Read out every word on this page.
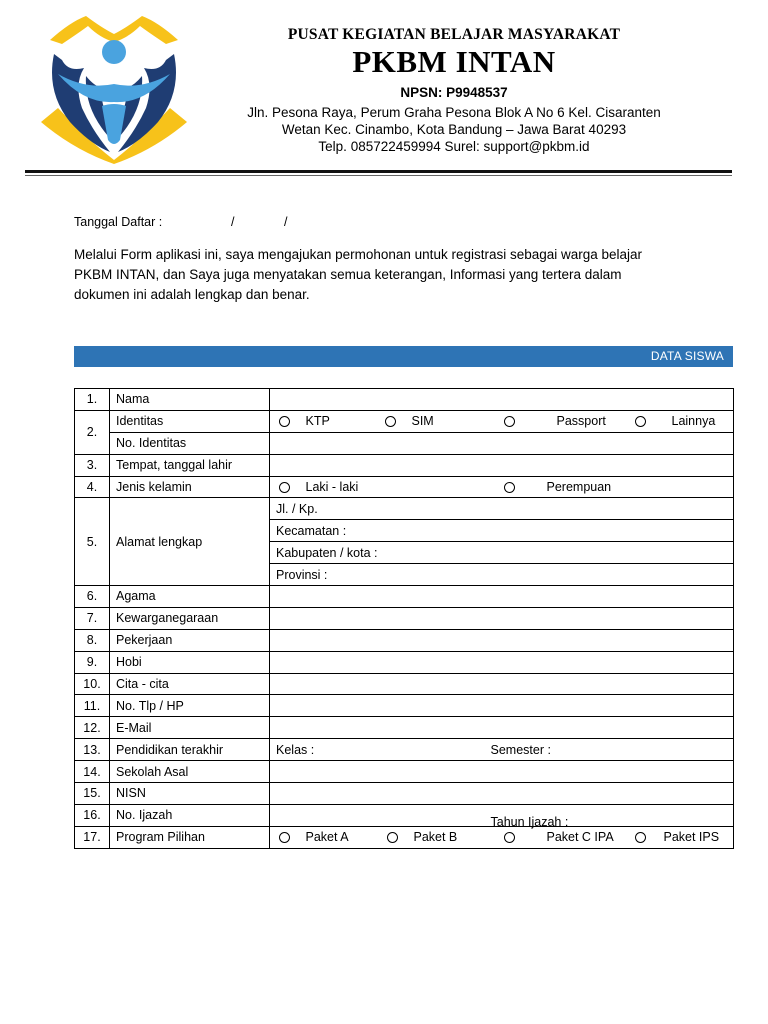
PUSAT KEGIATAN BELAJAR MASYARAKAT
PKBM INTAN
NPSN: P9948537
Jln. Pesona Raya, Perum Graha Pesona Blok A No 6 Kel. Cisaranten
Wetan Kec. Cinambo, Kota Bandung – Jawa Barat 40293
Telp. 085722459994 Surel: support@pkbm.id
Tanggal Daftar :	/	/
Melalui Form aplikasi ini, saya mengajukan permohonan untuk registrasi sebagai warga belajar
PKBM INTAN, dan Saya juga menyatakan semua keterangan, Informasi yang tertera dalam
dokumen ini adalah lengkap dan benar.
DATA SISWA
1.	Nama	
2.	Identitas	KTP SIM Passport Lainnya

	No. Identitas	
3.	Tempat, tanggal lahir	
4.	Jenis kelamin	Laki - laki Perempuan

5.	Alamat lengkap	Jl. / Kp.
		Kecamatan :
		Kabupaten / kota :
		Provinsi :
6.	Agama	
7.	Kewarganegaraan	
8.	Pekerjaan	
9.	Hobi	
10.	Cita - cita	
11.	No. Tlp / HP	
12.	E-Mail	
13.	Pendidikan terakhir	Kelas : Semester :

14.	Sekolah Asal	
15.	NISN	
16.	No. Ijazah	Tahun Ijazah :

17.	Program Pilihan	Paket A Paket B Paket C IPA Paket IPS
